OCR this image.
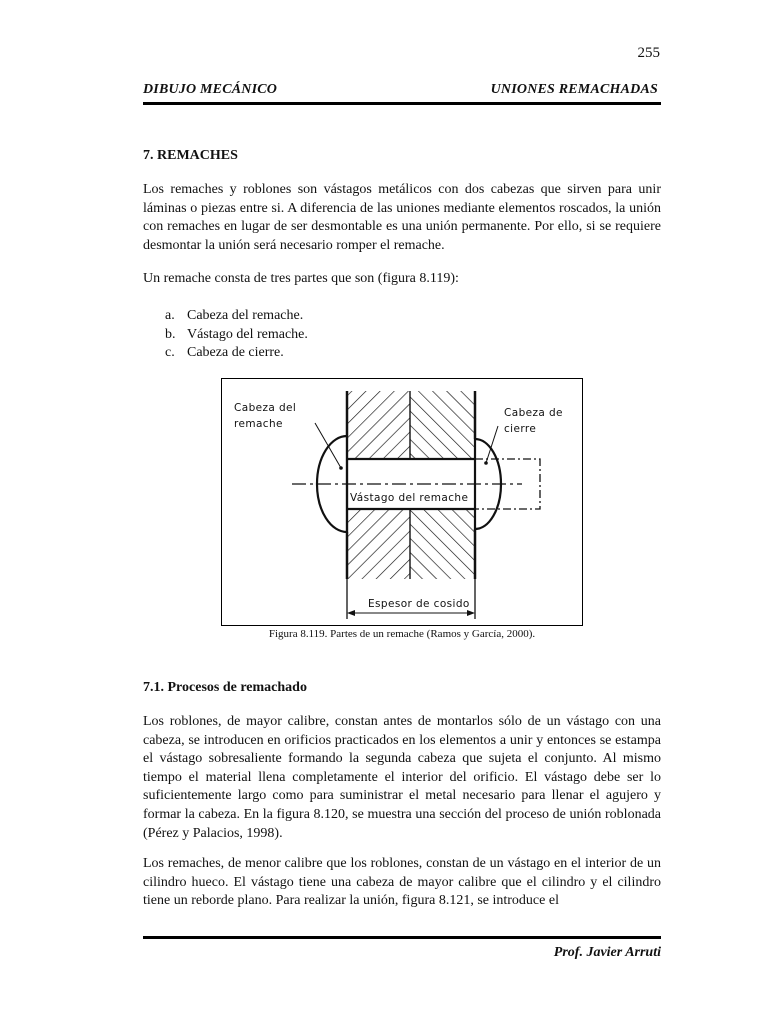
255
DIBUJO MECÁNICO	UNIONES REMACHADAS
7. REMACHES

Los remaches y roblones son vástagos metálicos con dos cabezas que sirven para unir láminas o piezas entre si. A diferencia de las uniones mediante elementos roscados, la unión con remaches en lugar de ser desmontable es una unión permanente. Por ello, si se requiere desmontar la unión será necesario romper el remache.

Un remache consta de tres partes que son (figura 8.119):

a. Cabeza del remache.
b. Vástago del remache.
c. Cabeza de cierre.
Vástago del remache
Cabeza del
remache
Cabeza de
cierre
Espesor de cosido
Figura 8.119. Partes de un remache (Ramos y García, 2000).
7.1. Procesos de remachado

Los roblones, de mayor calibre, constan antes de montarlos sólo de un vástago con una cabeza, se introducen en orificios practicados en los elementos a unir y entonces se estampa el vástago sobresaliente formando la segunda cabeza que sujeta el conjunto. Al mismo tiempo el material llena completamente el interior del orificio. El vástago debe ser lo suficientemente largo como para suministrar el metal necesario para llenar el agujero y formar la cabeza. En la figura 8.120, se muestra una sección del proceso de unión roblonada (Pérez y Palacios, 1998).

Los remaches, de menor calibre que los roblones, constan de un vástago en el interior de un cilindro hueco. El vástago tiene una cabeza de mayor calibre que el cilindro y el cilindro tiene un reborde plano. Para realizar la unión, figura 8.121, se introduce el

Prof. Javier Arruti
